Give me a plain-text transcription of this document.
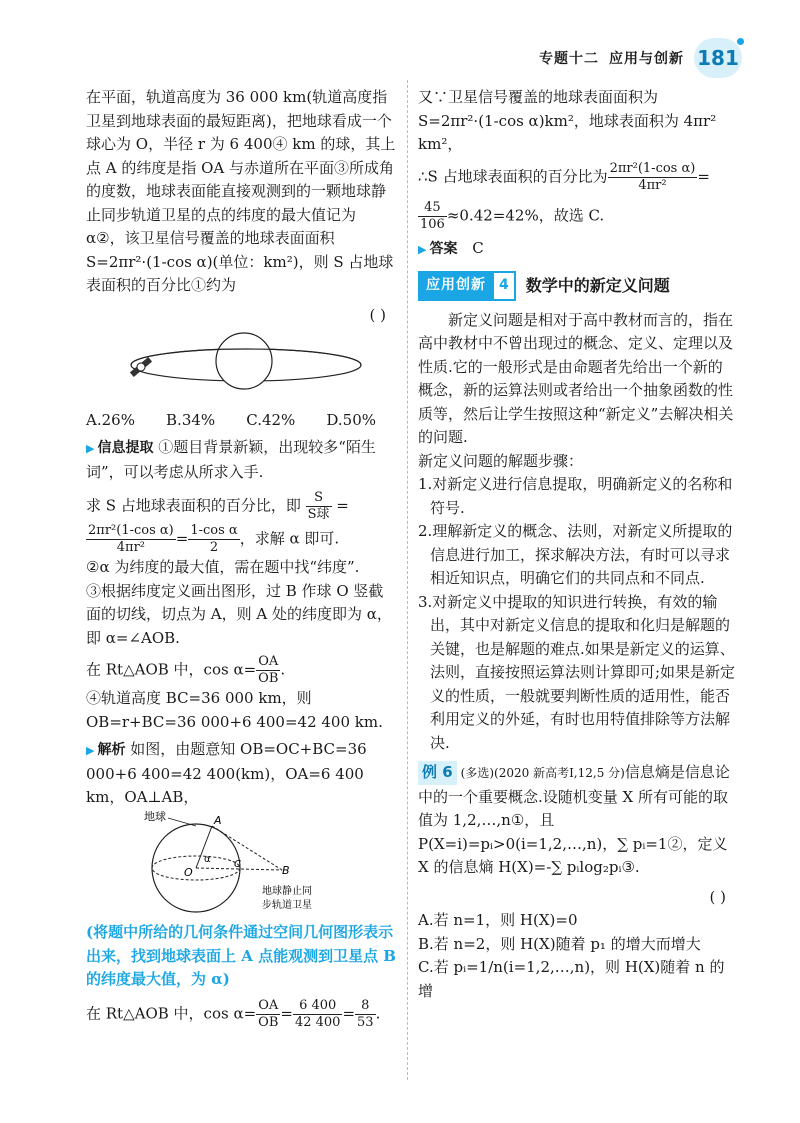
专题十二 应用与创新 181

在平面，轨道高度为 36 000 km(轨道高度指卫星到地球表面的最短距离)，把地球看成一个球心为 O，半径 r 为 6 400④ km 的球，其上点 A 的纬度是指 OA 与赤道所在平面③所成角的度数，地球表面能直接观测到的一颗地球静止同步轨道卫星的点的纬度的最大值记为 α②，该卫星信号覆盖的地球表面面积 S=2πr²·(1-cos α)(单位：km²)，则 S 占地球表面积的百分比①约为

( )

A.26% B.34% C.42% D.50%

▶ 信息提取 ①题目背景新颖，出现较多“陌生词”，可以考虑从所求入手.

求 S 占地球表面积的百分比，即 $\frac{S}{\text{S球}}$ =
$\frac{\text{2πr²(1-cos α)}}{\text{4πr²}} = \frac{\text{1-cos α}}{2}$ ，求解 α 即可.

②α 为纬度的最大值，需在题中找“纬度”.

③根据纬度定义画出图形，过 B 作球 O 竖截面的切线，切点为 A，则 A 处的纬度即为 α，即 α=∠AOB.

在 Rt△AOB 中，$\cos \alpha= \frac{OA}{OB}$ .

④轨道高度 BC=36 000 km，则 OB=r+BC=36 000+6 400=42 400 km.

▶ 解析 如图，由题意知 OB=OC+BC=36 000+6 400=42 400(km)，OA=6 400 km，OA⊥AB，

地球	A
O
C	B
α
地球静止同
步轨道卫星

(将题中所给的几何条件通过空间几何图形表示出来，找到地球表面上 A 点能观测到卫星点 B 的纬度最大值，为 α)

在 Rt△AOB 中，$\cos \alpha= \frac{OA}{OB} = \frac{6 400}{42 400} = \frac{8}{53}$ .

又∵卫星信号覆盖的地球表面面积为 S=2πr²·(1-cos α)km²，地球表面积为 4πr² km²，

∴S 占地球表面积的百分比为 $\frac{\text{2πr²(1-cos α)}}{\text{4πr²}}$ =

$\frac{45}{106} \approx 0.42=42\%$，故选 C.

▶ 答案 C

应用创新 4	数学中的新定义问题

新定义问题是相对于高中教材而言的，指在高中教材中不曾出现过的概念、定义、定理以及性质.它的一般形式是由命题者先给出一个新的概念，新的运算法则或者给出一个抽象函数的性质等，然后让学生按照这种“新定义”去解决相关的问题.

新定义问题的解题步骤：

1.对新定义进行信息提取，明确新定义的名称和符号.

2.理解新定义的概念、法则，对新定义所提取的信息进行加工，探求解决方法，有时可以寻求相近知识点，明确它们的共同点和不同点.

3.对新定义中提取的知识进行转换，有效的输出，其中对新定义信息的提取和化归是解题的关键，也是解题的难点.如果是新定义的运算、法则，直接按照运算法则计算即可;如果是新定义的性质，一般就要判断性质的适用性，能否利用定义的外延，有时也用特值排除等方法解决.

例 6 (多选)(2020 新高考Ⅰ,12,5 分)信息熵是信息论中的一个重要概念.设随机变量 X 所有可能的取值为 1,2,…,n①，且 P(X=i)=pᵢ>0(i=1,2,…,n)，∑ pᵢ=1②，定义 X 的信息熵 H(X)=-∑ pᵢlog₂pᵢ③.

( )

A.若 n=1，则 H(X)=0

B.若 n=2，则 H(X)随着 p₁ 的增大而增大

C.若 pᵢ=1/n(i=1,2,…,n)，则 H(X)随着 n 的增
